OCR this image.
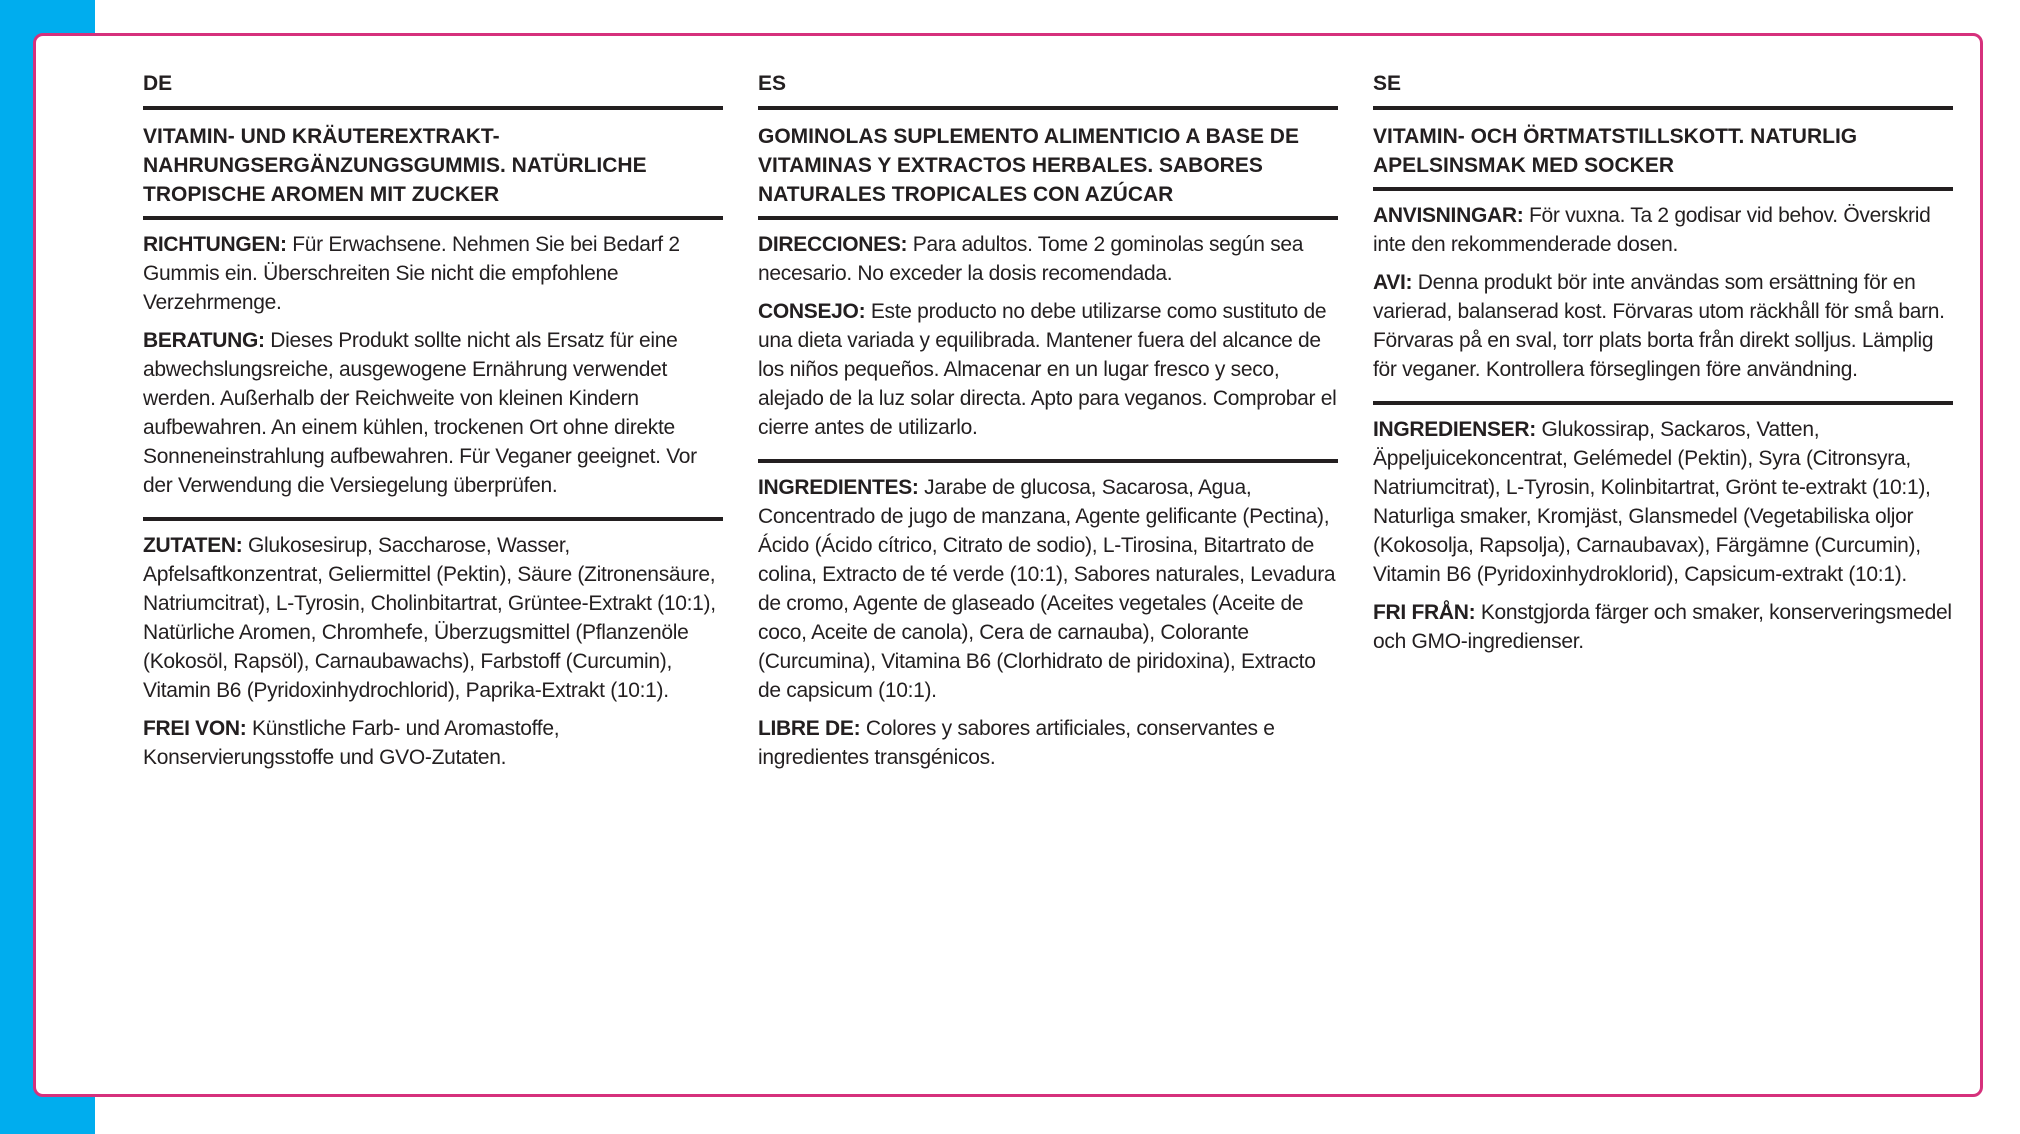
DE
VITAMIN- UND KRÄUTEREXTRAKT-NAHRUNGSERGÄNZUNGSGUMMIS. NATÜRLICHE TROPISCHE AROMEN MIT ZUCKER

RICHTUNGEN: Für Erwachsene. Nehmen Sie bei Bedarf 2 Gummis ein. Überschreiten Sie nicht die empfohlene Verzehrmenge.

BERATUNG: Dieses Produkt sollte nicht als Ersatz für eine abwechslungsreiche, ausgewogene Ernährung verwendet werden. Außerhalb der Reichweite von kleinen Kindern aufbewahren. An einem kühlen, trockenen Ort ohne direkte Sonneneinstrahlung aufbewahren. Für Veganer geeignet. Vor der Verwendung die Versiegelung überprüfen.

ZUTATEN: Glukosesirup, Saccharose, Wasser, Apfelsaftkonzentrat, Geliermittel (Pektin), Säure (Zitronensäure, Natriumcitrat), L-Tyrosin, Cholinbitartrat, Grüntee-Extrakt (10:1), Natürliche Aromen, Chromhefe, Überzugsmittel (Pflanzenöle (Kokosöl, Rapsöl), Carnaubawachs), Farbstoff (Curcumin), Vitamin B6 (Pyridoxinhydrochlorid), Paprika-Extrakt (10:1).

FREI VON: Künstliche Farb- und Aromastoffe, Konservierungsstoffe und GVO-Zutaten.

ES
GOMINOLAS SUPLEMENTO ALIMENTICIO A BASE DE VITAMINAS Y EXTRACTOS HERBALES. SABORES NATURALES TROPICALES CON AZÚCAR

DIRECCIONES: Para adultos. Tome 2 gominolas según sea necesario. No exceder la dosis recomendada.

CONSEJO: Este producto no debe utilizarse como sustituto de una dieta variada y equilibrada. Mantener fuera del alcance de los niños pequeños. Almacenar en un lugar fresco y seco, alejado de la luz solar directa. Apto para veganos. Comprobar el cierre antes de utilizarlo.

INGREDIENTES: Jarabe de glucosa, Sacarosa, Agua, Concentrado de jugo de manzana, Agente gelificante (Pectina), Ácido (Ácido cítrico, Citrato de sodio), L-Tirosina, Bitartrato de colina, Extracto de té verde (10:1), Sabores naturales, Levadura de cromo, Agente de glaseado (Aceites vegetales (Aceite de coco, Aceite de canola), Cera de carnauba), Colorante (Curcumina), Vitamina B6 (Clorhidrato de piridoxina), Extracto de capsicum (10:1).

LIBRE DE: Colores y sabores artificiales, conservantes e ingredientes transgénicos.

SE
VITAMIN- OCH ÖRTMATSTILLSKOTT. NATURLIG APELSINSMAK MED SOCKER

ANVISNINGAR: För vuxna. Ta 2 godisar vid behov. Överskrid inte den rekommenderade dosen.

AVI: Denna produkt bör inte användas som ersättning för en varierad, balanserad kost. Förvaras utom räckhåll för små barn. Förvaras på en sval, torr plats borta från direkt solljus. Lämplig för veganer. Kontrollera förseglingen före användning.

INGREDIENSER: Glukossirap, Sackaros, Vatten, Äppeljuicekoncentrat, Gelémedel (Pektin), Syra (Citronsyra, Natriumcitrat), L-Tyrosin, Kolinbitartrat, Grönt te-extrakt (10:1), Naturliga smaker, Kromjäst, Glansmedel (Vegetabiliska oljor (Kokosolja, Rapsolja), Carnaubavax), Färgämne (Curcumin), Vitamin B6 (Pyridoxinhydroklorid), Capsicum-extrakt (10:1).

FRI FRÅN: Konstgjorda färger och smaker, konserveringsmedel och GMO-ingredienser.
